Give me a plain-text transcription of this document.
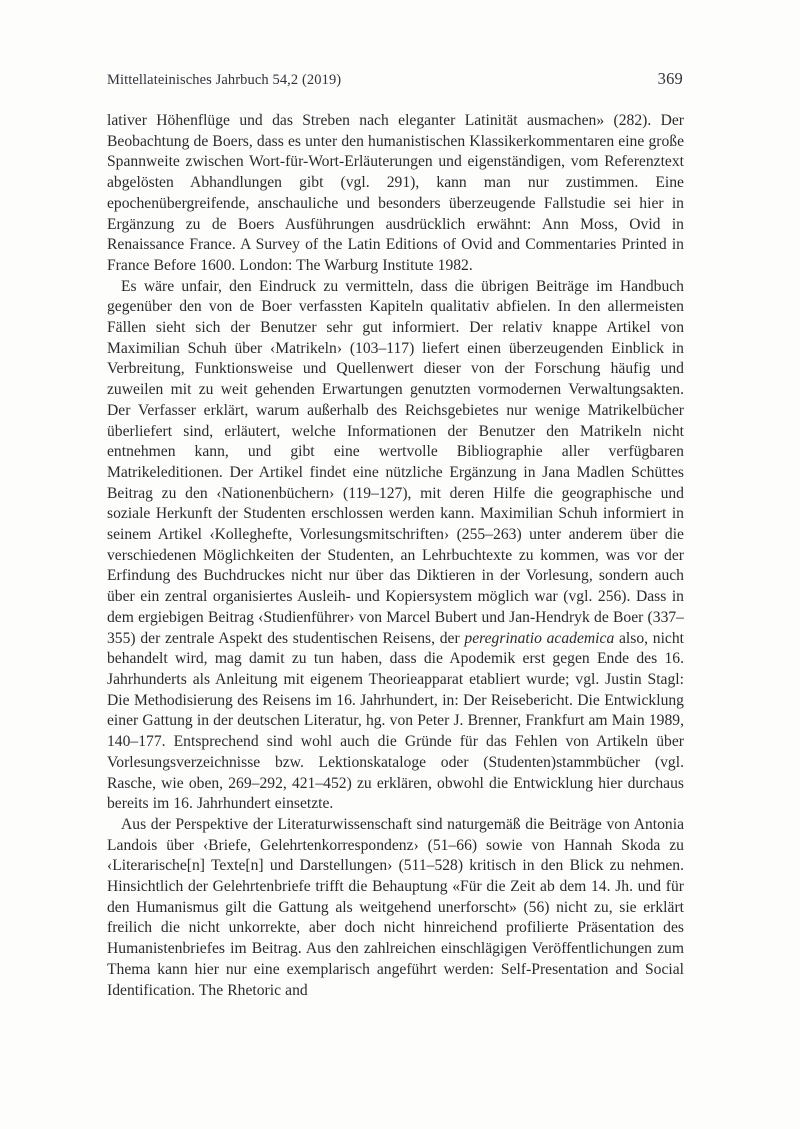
Mittellateinisches Jahrbuch 54,2 (2019)	369

lativer Höhenflüge und das Streben nach eleganter Latinität ausmachen» (282). Der Beobachtung de Boers, dass es unter den humanistischen Klassikerkommentaren eine große Spannweite zwischen Wort-für-Wort-Erläuterungen und eigenständigen, vom Referenztext abgelösten Abhandlungen gibt (vgl. 291), kann man nur zustimmen. Eine epochenübergreifende, anschauliche und besonders überzeugende Fallstudie sei hier in Ergänzung zu de Boers Ausführungen ausdrücklich erwähnt: Ann Moss, Ovid in Renaissance France. A Survey of the Latin Editions of Ovid and Commentaries Printed in France Before 1600. London: The Warburg Institute 1982.

Es wäre unfair, den Eindruck zu vermitteln, dass die übrigen Beiträge im Handbuch gegenüber den von de Boer verfassten Kapiteln qualitativ abfielen. In den allermeisten Fällen sieht sich der Benutzer sehr gut informiert. Der relativ knappe Artikel von Maximilian Schuh über ‹Matrikeln› (103–117) liefert einen überzeugenden Einblick in Verbreitung, Funktionsweise und Quellenwert dieser von der Forschung häufig und zuweilen mit zu weit gehenden Erwartungen genutzten vormodernen Verwaltungsakten. Der Verfasser erklärt, warum außerhalb des Reichsgebietes nur wenige Matrikelbücher überliefert sind, erläutert, welche Informationen der Benutzer den Matrikeln nicht entnehmen kann, und gibt eine wertvolle Bibliographie aller verfügbaren Matrikeleditionen. Der Artikel findet eine nützliche Ergänzung in Jana Madlen Schüttes Beitrag zu den ‹Nationenbüchern› (119–127), mit deren Hilfe die geographische und soziale Herkunft der Studenten erschlossen werden kann. Maximilian Schuh informiert in seinem Artikel ‹Kolleghefte, Vorlesungsmitschriften› (255–263) unter anderem über die verschiedenen Möglichkeiten der Studenten, an Lehrbuchtexte zu kommen, was vor der Erfindung des Buchdruckes nicht nur über das Diktieren in der Vorlesung, sondern auch über ein zentral organisiertes Ausleih- und Kopiersystem möglich war (vgl. 256). Dass in dem ergiebigen Beitrag ‹Studienführer› von Marcel Bubert und Jan-Hendryk de Boer (337–355) der zentrale Aspekt des studentischen Reisens, der peregrinatio academica also, nicht behandelt wird, mag damit zu tun haben, dass die Apodemik erst gegen Ende des 16. Jahrhunderts als Anleitung mit eigenem Theorieapparat etabliert wurde; vgl. Justin Stagl: Die Methodisierung des Reisens im 16. Jahrhundert, in: Der Reisebericht. Die Entwicklung einer Gattung in der deutschen Literatur, hg. von Peter J. Brenner, Frankfurt am Main 1989, 140–177. Entsprechend sind wohl auch die Gründe für das Fehlen von Artikeln über Vorlesungsverzeichnisse bzw. Lektionskataloge oder (Studenten)stammbücher (vgl. Rasche, wie oben, 269–292, 421–452) zu erklären, obwohl die Entwicklung hier durchaus bereits im 16. Jahrhundert einsetzte.

Aus der Perspektive der Literaturwissenschaft sind naturgemäß die Beiträge von Antonia Landois über ‹Briefe, Gelehrtenkorrespondenz› (51–66) sowie von Hannah Skoda zu ‹Literarische[n] Texte[n] und Darstellungen› (511–528) kritisch in den Blick zu nehmen. Hinsichtlich der Gelehrtenbriefe trifft die Behauptung «Für die Zeit ab dem 14. Jh. und für den Humanismus gilt die Gattung als weitgehend unerforscht» (56) nicht zu, sie erklärt freilich die nicht unkorrekte, aber doch nicht hinreichend profilierte Präsentation des Humanistenbriefes im Beitrag. Aus den zahlreichen einschlägigen Veröffentlichungen zum Thema kann hier nur eine exemplarisch angeführt werden: Self-Presentation and Social Identification. The Rhetoric and
